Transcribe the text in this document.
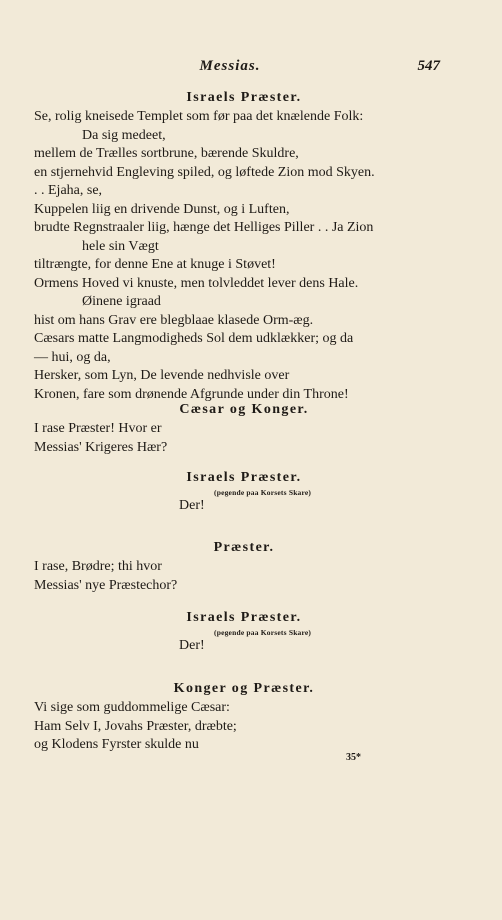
Messias.	547

Israels Præster.

Se, rolig kneisede Templet som før paa det knælende Folk:

Da sig medeet,

mellem de Trælles sortbrune, bærende Skuldre,

en stjernehvid Engleving spiled, og løftede Zion mod Skyen.

. . Ejaha, se,

Kuppelen liig en drivende Dunst, og i Luften,

brudte Regnstraaler liig, hænge det Helliges Piller . . Ja Zion

hele sin Vægt

tiltrængte, for denne Ene at knuge i Støvet!

Ormens Hoved vi knuste, men tolvleddet lever dens Hale.

Øinene igraad

hist om hans Grav ere blegblaae klasede Orm-æg.

Cæsars matte Langmodigheds Sol dem udklækker; og da

— hui, og da,

Hersker, som Lyn, De levende nedhvisle over

Kronen, fare som drønende Afgrunde under din Throne!

Cæsar og Konger.

I rase Præster! Hvor er

Messias' Krigeres Hær?

Israels Præster.

(pegende paa Korsets Skare)

Der!

Præster.

I rase, Brødre; thi hvor

Messias' nye Præstechor?

Israels Præster.

(pegende paa Korsets Skare)

Der!

Konger og Præster.

Vi sige som guddommelige Cæsar:

Ham Selv I, Jovahs Præster, dræbte;

og Klodens Fyrster skulde nu

35*
